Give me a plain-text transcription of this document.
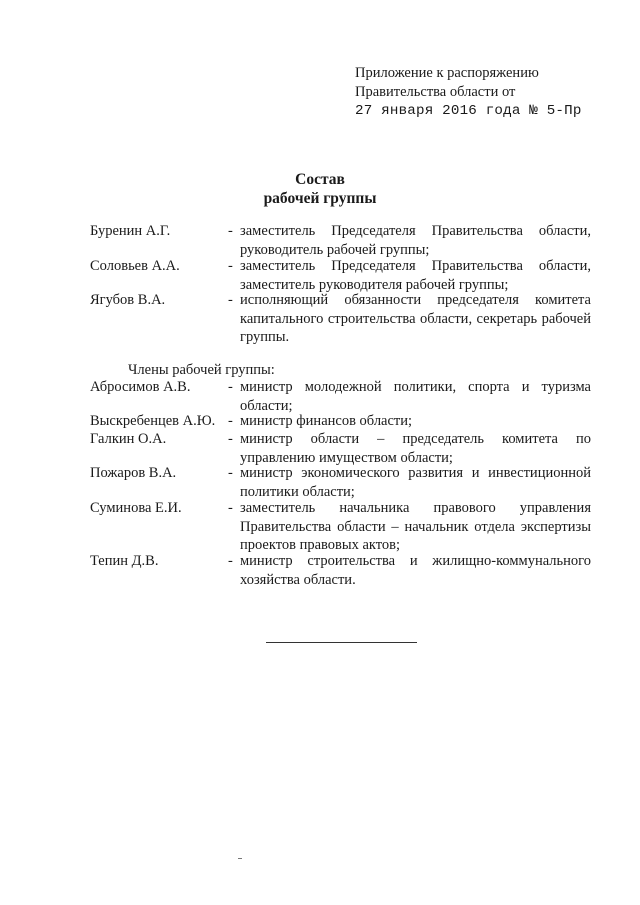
Приложение к распоряжению
Правительства области от
27 января 2016 года № 5-Пр
Состав
рабочей группы
Буренин А.Г.	- заместитель Председателя Правительства области, руководитель рабочей группы;
Соловьев А.А.	- заместитель Председателя Правительства области, заместитель руководителя рабочей группы;
Ягубов В.А.	- исполняющий обязанности председателя комитета капитального строительства области, секретарь рабочей группы.
Члены рабочей группы:
Абросимов А.В.	- министр молодежной политики, спорта и туризма области;
Выскребенцев А.Ю. - министр финансов области;
Галкин О.А.	- министр области – председатель комитета по управлению имуществом области;
Пожаров В.А.	- министр экономического развития и инвестиционной политики области;
Суминова Е.И.	- заместитель начальника правового управления Правительства области – начальник отдела экспертизы проектов правовых актов;
Тепин Д.В.	- министр строительства и жилищно-коммунального хозяйства области.
